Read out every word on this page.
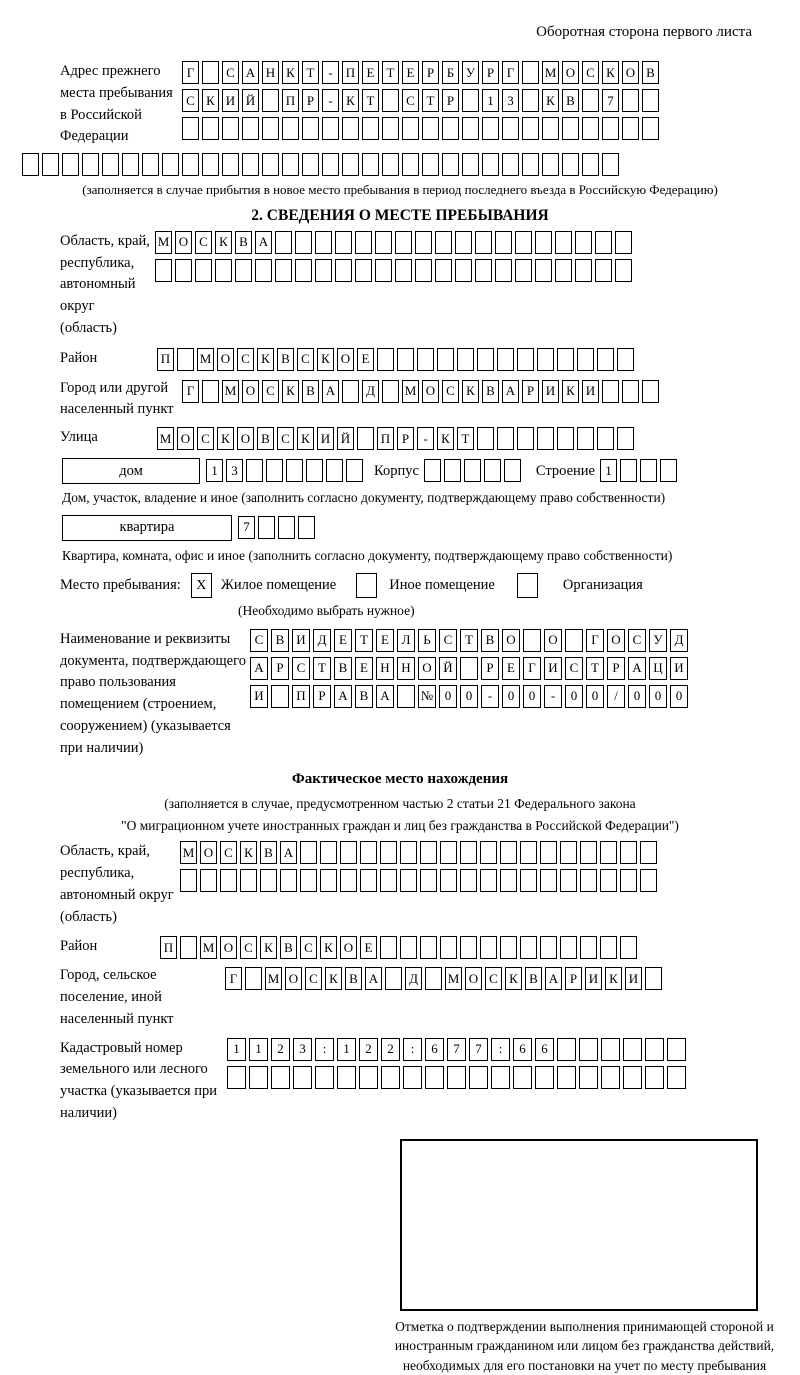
Оборотная сторона первого листа
Адрес прежнего места пребывания в Российской Федерации
Г	С А Н К Т	-	П Е Т Е Р Б У Р Г	М О С К О В
С К И Й П Р	-	К Т	С Т Р	1	3	К В	7
(заполняется в случае прибытия в новое место пребывания в период последнего въезда в Российскую Федерацию)
2. СВЕДЕНИЯ О МЕСТЕ ПРЕБЫВАНИЯ
Область, край, республика, автономный округ (область)
М О С К В А
Район	П М О С К В С К О Е
Город или другой населенный пункт
Г	М О С К В А	Д	М О С К В А Р И К И
Улица	М О С К О В С К И Й П Р	-	К Т
дом	1	3	Корпус	Строение 1
Дом, участок, владение и иное (заполнить согласно документу, подтверждающему право собственности)
квартира	7
Квартира, комната, офис и иное (заполнить согласно документу, подтверждающему право собственности)
Место пребывания:	X Жилое помещение	Иное помещение	Организация
(Необходимо выбрать нужное)
Наименование и реквизиты документа, подтверждающего право пользования помещением (строением, сооружением) (указывается при наличии)
С В И Д Е	Т	Е Л Ь С Т В О	О	Г О С У Д
А Р	С Т В Е Н Н О Й	Р	Е	Г И С Т	Р А Ц И
И	П Р А В А	№ 0	0	-	0	0	-	0	0	/	0	0	0
Фактическое место нахождения
(заполняется в случае, предусмотренном частью 2 статьи 21 Федерального закона
"О миграционном учете иностранных граждан и лиц без гражданства в Российской Федерации")
Область, край, республика, автономный округ (область)
М О С К В А
Район	П М О С К В С К О Е
Город, сельское поселение, иной населенный пункт
Г	М О С К В А	Д	М О С К В А Р И К И
Кадастровый номер земельного или лесного участка (указывается при наличии)
1	1	2	3	:	1	2	2	:	6	7	7	:	6	6
Отметка о подтверждении выполнения принимающей стороной и иностранным гражданином или лицом без гражданства действий, необходимых для его постановки на учет по месту пребывания
